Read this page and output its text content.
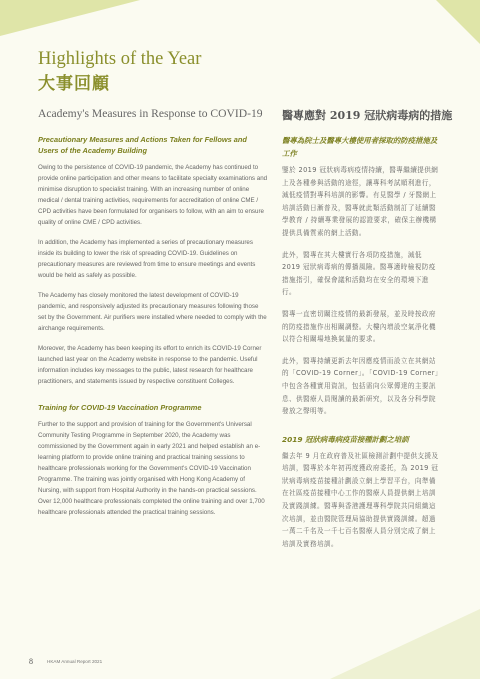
Highlights of the Year
大事回顧
Academy's Measures in Response to COVID-19

Precautionary Measures and Actions Taken for Fellows and Users of the Academy Building

Owing to the persistence of COVID-19 pandemic, the Academy has continued to provide online participation and other means to facilitate specialty examinations and minimise disruption to specialist training. With an increasing number of online medical / dental training activities, requirements for accreditation of online CME / CPD activities have been formulated for organisers to follow, with an aim to ensure quality of online CME / CPD activities.

In addition, the Academy has implemented a series of precautionary measures inside its building to lower the risk of spreading COVID-19. Guidelines on precautionary measures are reviewed from time to ensure meetings and events would be held as safely as possible.

The Academy has closely monitored the latest development of COVID-19 pandemic, and responsively adjusted its precautionary measures following those set by the Government. Air purifiers were installed where needed to comply with the airchange requirements.

Moreover, the Academy has been keeping its effort to enrich its COVID-19 Corner launched last year on the Academy website in response to the pandemic. Useful information includes key messages to the public, latest research for healthcare practitioners, and statements issued by respective constituent Colleges.

Training for COVID-19 Vaccination Programme

Further to the support and provision of training for the Government's Universal Community Testing Programme in September 2020, the Academy was commissioned by the Government again in early 2021 and helped establish an e-learning platform to provide online training and practical training sessions to healthcare professionals working for the Government's COVID-19 Vaccination Programme. The training was jointly organised with Hong Kong Academy of Nursing, with support from Hospital Authority in the hands-on practical sessions. Over 12,000 healthcare professionals completed the online training and over 1,700 healthcare professionals attended the practical training sessions.

醫專應對 2019 冠狀病毒病的措施

醫專為院士及醫專大樓使用者採取的防疫措施及工作

鑒於 2019 冠狀病毒病疫情持續，醫專繼續提供網上及各種參與活動的途徑，讓專科考試順利進行，減低疫情對專科培訓的影響。有見醫學 / 牙醫網上培訓活動日漸普及，醫專就此類活動制訂了延續醫學教育 / 持續專業發展的認證要求，確保主辦機構提供具備質素的網上活動。

此外，醫專在其大樓實行各項防疫措施，減低 2019 冠狀病毒病的傳播風險。醫專適時檢視防疫措施指引，確保會議和活動均在安全的環境下進行。

醫專一直密切關注疫情的最新發展，並及時按政府的防疫措施作出相關調整。大樓內增設空氣淨化機以符合相關場地換氣量的要求。

此外，醫專持續更新去年因應疫情而設立在其網站的「COVID-19 Corner」。「COVID-19 Corner」中包含各種實用資訊，包括需向公眾傳達的主要訊息、供醫療人員閱讀的最新研究，以及各分科學院發放之聲明等。

2019 冠狀病毒病疫苗接種計劃之培訓

繼去年 9 月在政府普及社區檢測計劃中提供支援及培訓，醫專於本年初再度獲政府委托，為 2019 冠狀病毒病疫苗接種計劃設立網上學習平台，向準備在社區疫苗接種中心工作的醫療人員提供網上培訓及實踐訓練。醫專與香港護理專科學院共同組織這次培訓，並由醫院管理局協助提供實踐訓練。超過一萬二千名及一千七百名醫療人員分別完成了網上培訓及實務培訓。

8	HKAM Annual Report 2021
